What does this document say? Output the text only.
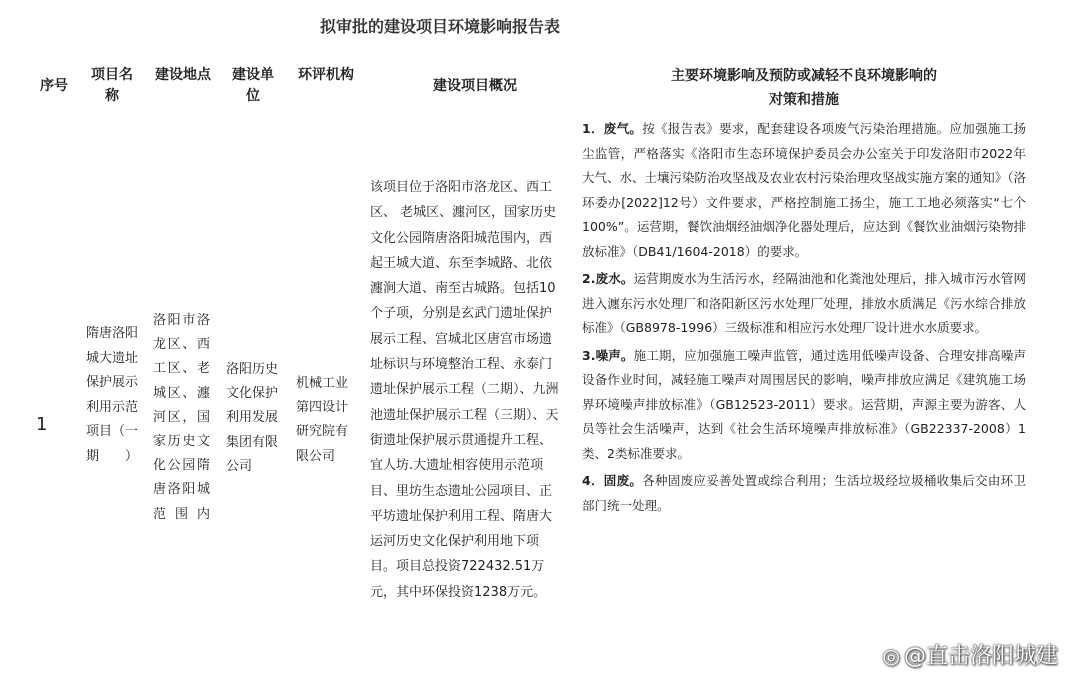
拟审批的建设项目环境影响报告表
序号
项目名称
建设地点 建设单位
环评机构
建设项目概况
主要环境影响及预防或减轻不良环境影响的
对策和措施
1
隋唐洛阳城大遗址保护展示利用示范项目（一期）
洛阳市洛龙区、西工区、老城区、瀍河区，国家历史文化公园隋唐洛阳城范围内
洛阳历史文化保护利用发展集团有限公司
机械工业第四设计研究院有限公司
该项目位于洛阳市洛龙区、西工区、 老城区、瀍河区，国家历史文化公园隋唐洛阳城范围内，西起王城大道、东至李城路、北依瀍涧大道、南至古城路。包括10个子项，分别是玄武门遗址保护展示工程、宫城北区唐宫市场遗址标识与环境整治工程、永泰门遗址保护展示工程（二期）、九洲池遗址保护展示工程（三期）、天街遗址保护展示贯通提升工程、宜人坊.大遗址相容使用示范项目、里坊生态遗址公园项目、正平坊遗址保护利用工程、隋唐大运河历史文化保护利用地下项目。项目总投资722432.51万元，其中环保投资1238万元。

1．废气。按《报告表》要求，配套建设各项废气污染治理措施。应加强施工扬尘监管，严格落实《洛阳市生态环境保护委员会办公室关于印发洛阳市2022年大气、水、土壤污染防治攻坚战及农业农村污染治理攻坚战实施方案的通知》（洛环委办[2022]12号）文件要求，严格控制施工扬尘，施工工地必须落实“七个100%”。运营期，餐饮油烟经油烟净化器处理后，应达到《餐饮业油烟污染物排放标准》（DB41/1604-2018）的要求。

2.废水。运营期废水为生活污水，经隔油池和化粪池处理后，排入城市污水管网进入瀍东污水处理厂和洛阳新区污水处理厂处理，排放水质满足《污水综合排放标准》（GB8978-1996）三级标准和相应污水处理厂设计进水水质要求。

3.噪声。施工期，应加强施工噪声监管，通过选用低噪声设备、合理安排高噪声设备作业时间，减轻施工噪声对周围居民的影响，噪声排放应满足《建筑施工场界环境噪声排放标准》（GB12523-2011）要求。运营期，声源主要为游客、人员等社会生活噪声，达到《社会生活环境噪声排放标准》（GB22337-2008）1类、2类标准要求。

4．固废。各种固废应妥善处置或综合利用；生活垃圾经垃圾桶收集后交由环卫部门统一处理。

◎ @直击洛阳城建
